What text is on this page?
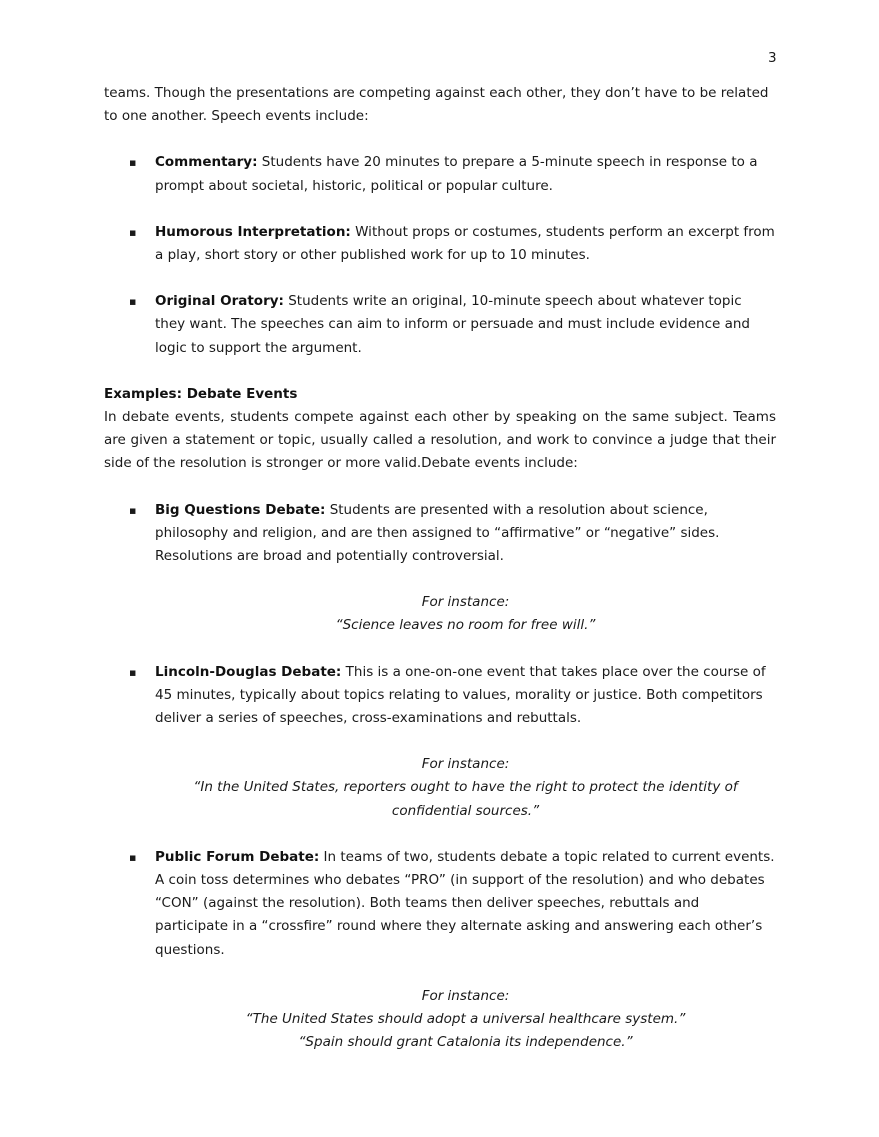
3

teams. Though the presentations are competing against each other, they don’t have to be related to one another. Speech events include:

▪ Commentary: Students have 20 minutes to prepare a 5-minute speech in response to a prompt about societal, historic, political or popular culture.
▪ Humorous Interpretation: Without props or costumes, students perform an excerpt from a play, short story or other published work for up to 10 minutes.
▪ Original Oratory: Students write an original, 10-minute speech about whatever topic they want. The speeches can aim to inform or persuade and must include evidence and logic to support the argument.

Examples: Debate Events

In debate events, students compete against each other by speaking on the same subject. Teams are given a statement or topic, usually called a resolution, and work to convince a judge that their side of the resolution is stronger or more valid.Debate events include:

▪ Big Questions Debate: Students are presented with a resolution about science, philosophy and religion, and are then assigned to “affirmative” or “negative” sides. Resolutions are broad and potentially controversial.

For instance:

“Science leaves no room for free will.”

▪ Lincoln-Douglas Debate: This is a one-on-one event that takes place over the course of 45 minutes, typically about topics relating to values, morality or justice. Both competitors deliver a series of speeches, cross-examinations and rebuttals.

For instance:

“In the United States, reporters ought to have the right to protect the identity of confidential sources.”

▪ Public Forum Debate: In teams of two, students debate a topic related to current events. A coin toss determines who debates “PRO” (in support of the resolution) and who debates “CON” (against the resolution). Both teams then deliver speeches, rebuttals and participate in a “crossfire” round where they alternate asking and answering each other’s questions.

For instance:

“The United States should adopt a universal healthcare system.”

“Spain should grant Catalonia its independence.”
